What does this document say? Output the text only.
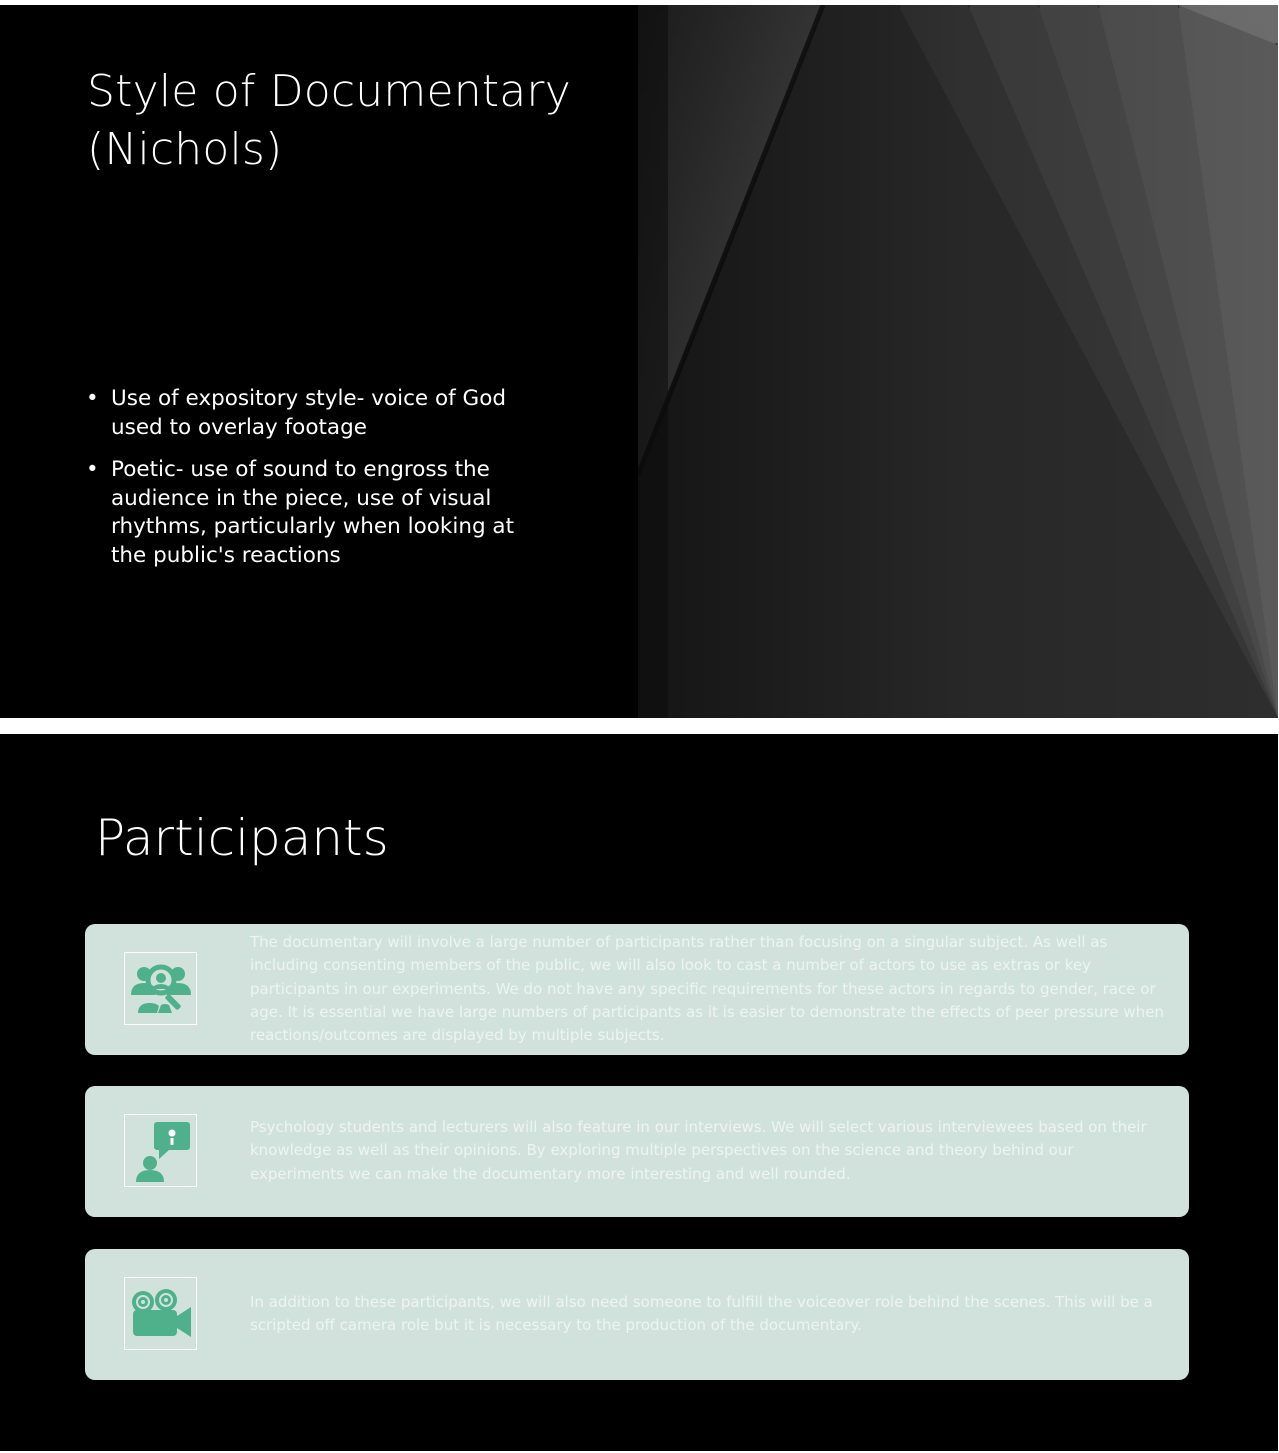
Style of Documentary (Nichols)
• Use of expository style- voice of God used to overlay footage
• Poetic- use of sound to engross the audience in the piece, use of visual rhythms, particularly when looking at the public's reactions
Participants
The documentary will involve a large number of participants rather than focusing on a singular subject. As well as including consenting members of the public, we will also look to cast a number of actors to use as extras or key participants in our experiments. We do not have any specific requirements for these actors in regards to gender, race or age. It is essential we have large numbers of participants as it is easier to demonstrate the effects of peer pressure when reactions/outcomes are displayed by multiple subjects.
Psychology students and lecturers will also feature in our interviews. We will select various interviewees based on their knowledge as well as their opinions. By exploring multiple perspectives on the science and theory behind our experiments we can make the documentary more interesting and well rounded.
In addition to these participants, we will also need someone to fulfill the voiceover role behind the scenes. This will be a scripted off camera role but it is necessary to the production of the documentary.
